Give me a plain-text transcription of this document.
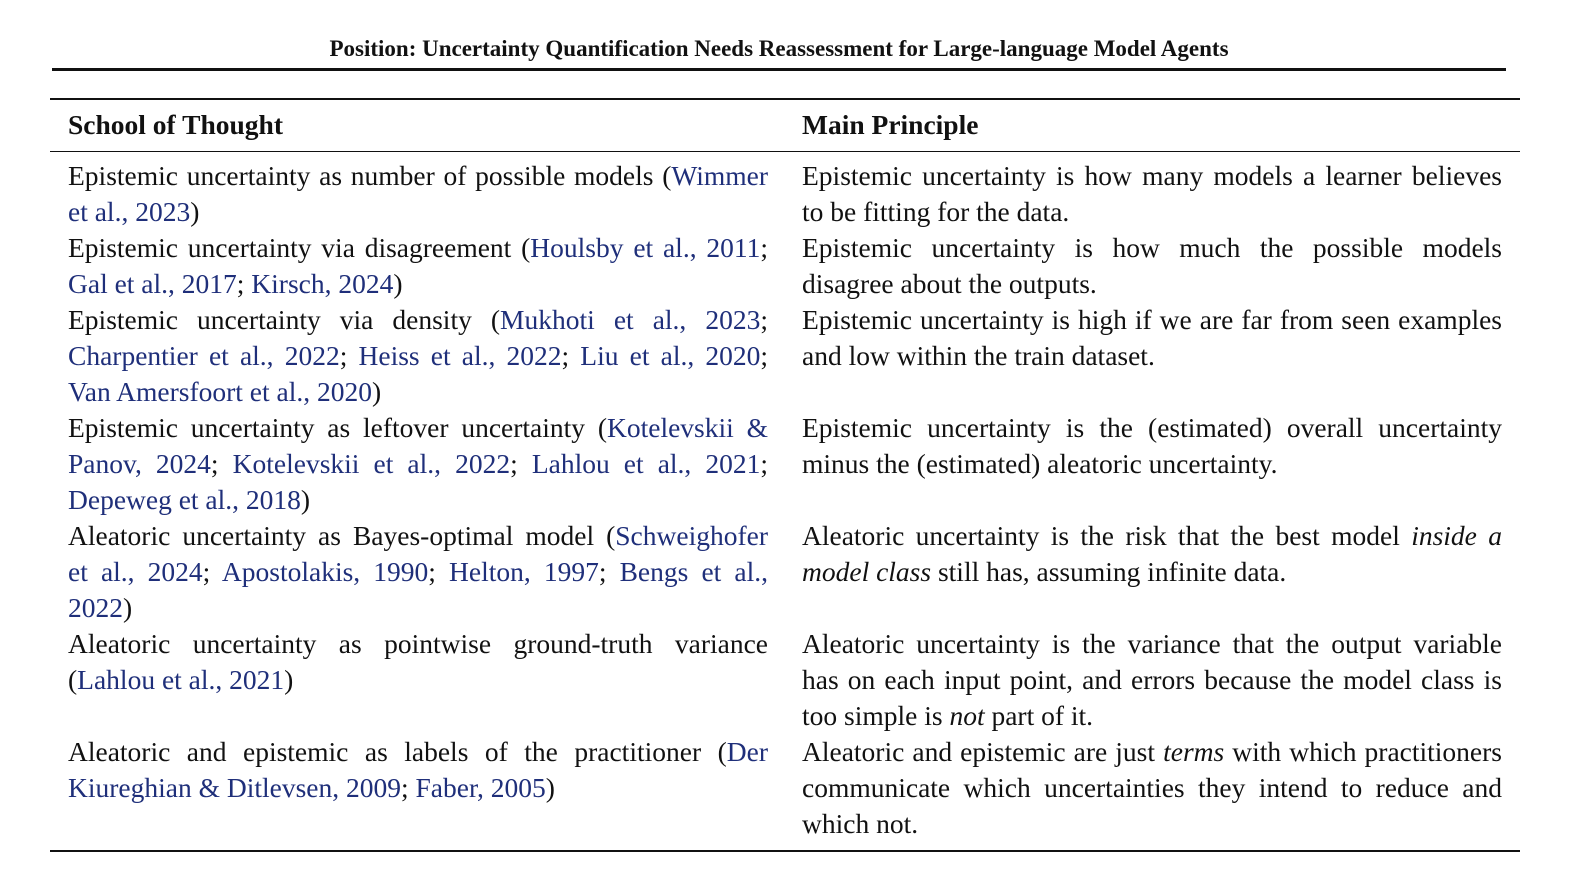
Position: Uncertainty Quantification Needs Reassessment for Large-language Model Agents
School of Thought	Main Principle
Epistemic uncertainty as number of possible models (Wimmer et al., 2023)	Epistemic uncertainty is how many models a learner believes to be fitting for the data.
Epistemic uncertainty via disagreement (Houlsby et al., 2011; Gal et al., 2017; Kirsch, 2024)	Epistemic uncertainty is how much the possible models disagree about the outputs.
Epistemic uncertainty via density (Mukhoti et al., 2023; Charpentier et al., 2022; Heiss et al., 2022; Liu et al., 2020; Van Amersfoort et al., 2020)	Epistemic uncertainty is high if we are far from seen examples and low within the train dataset.
Epistemic uncertainty as leftover uncertainty (Kotelevskii & Panov, 2024; Kotelevskii et al., 2022; Lahlou et al., 2021; Depeweg et al., 2018)	Epistemic uncertainty is the (estimated) overall uncertainty minus the (estimated) aleatoric uncertainty.
Aleatoric uncertainty as Bayes-optimal model (Schweighofer et al., 2024; Apostolakis, 1990; Helton, 1997; Bengs et al., 2022)	Aleatoric uncertainty is the risk that the best model inside a model class still has, assuming infinite data.
Aleatoric uncertainty as pointwise ground-truth variance (Lahlou et al., 2021)	Aleatoric uncertainty is the variance that the output variable has on each input point, and errors because the model class is too simple is not part of it.
Aleatoric and epistemic as labels of the practitioner (Der Kiureghian & Ditlevsen, 2009; Faber, 2005)	Aleatoric and epistemic are just terms with which practitioners communicate which uncertainties they intend to reduce and which not.
